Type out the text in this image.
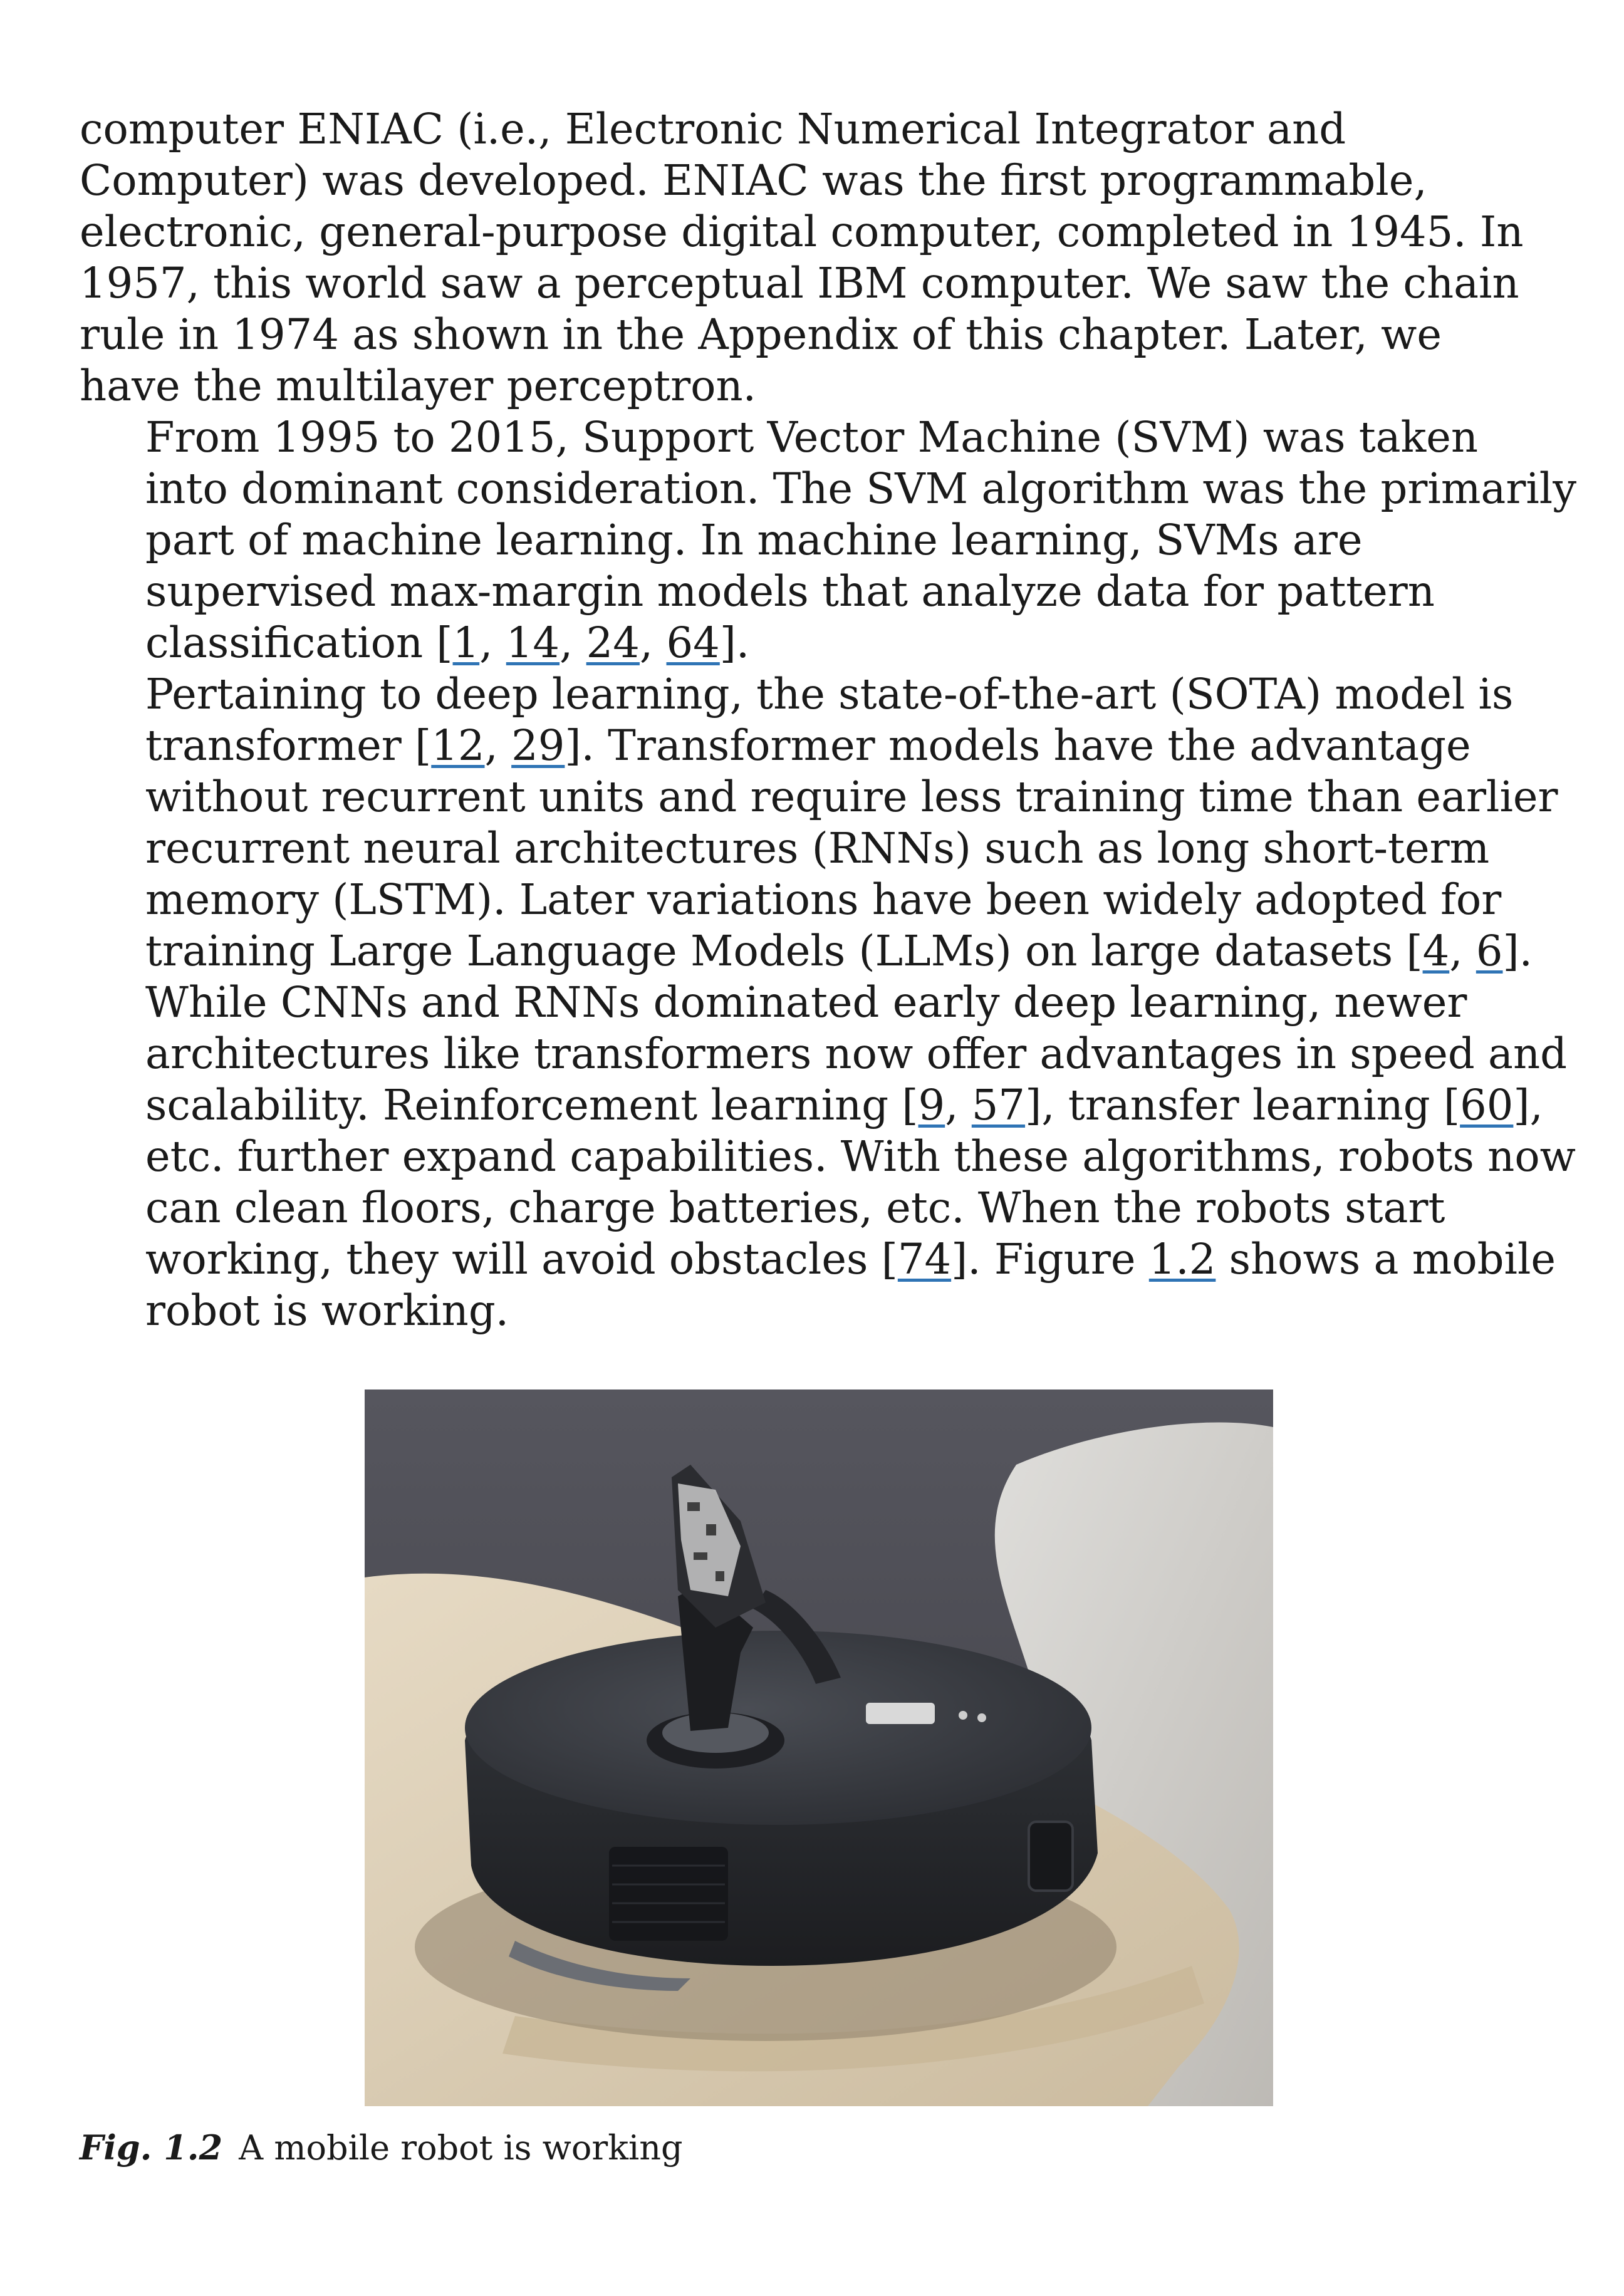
computer ENIAC (i.e., Electronic Numerical Integrator and
Computer) was developed. ENIAC was the first programmable,
electronic, general-purpose digital computer, completed in 1945. In
1957, this world saw a perceptual IBM computer. We saw the chain
rule in 1974 as shown in the Appendix of this chapter. Later, we
have the multilayer perceptron.

From 1995 to 2015, Support Vector Machine (SVM) was taken
into dominant consideration. The SVM algorithm was the primarily
part of machine learning. In machine learning, SVMs are
supervised max-margin models that analyze data for pattern
classification [1, 14, 24, 64].

Pertaining to deep learning, the state-of-the-art (SOTA) model is
transformer [12, 29]. Transformer models have the advantage
without recurrent units and require less training time than earlier
recurrent neural architectures (RNNs) such as long short-term
memory (LSTM). Later variations have been widely adopted for
training Large Language Models (LLMs) on large datasets [4, 6].

While CNNs and RNNs dominated early deep learning, newer
architectures like transformers now offer advantages in speed and
scalability. Reinforcement learning [9, 57], transfer learning [60],
etc. further expand capabilities. With these algorithms, robots now
can clean floors, charge batteries, etc. When the robots start
working, they will avoid obstacles [74]. Figure 1.2 shows a mobile
robot is working.

Fig. 1.2 A mobile robot is working
